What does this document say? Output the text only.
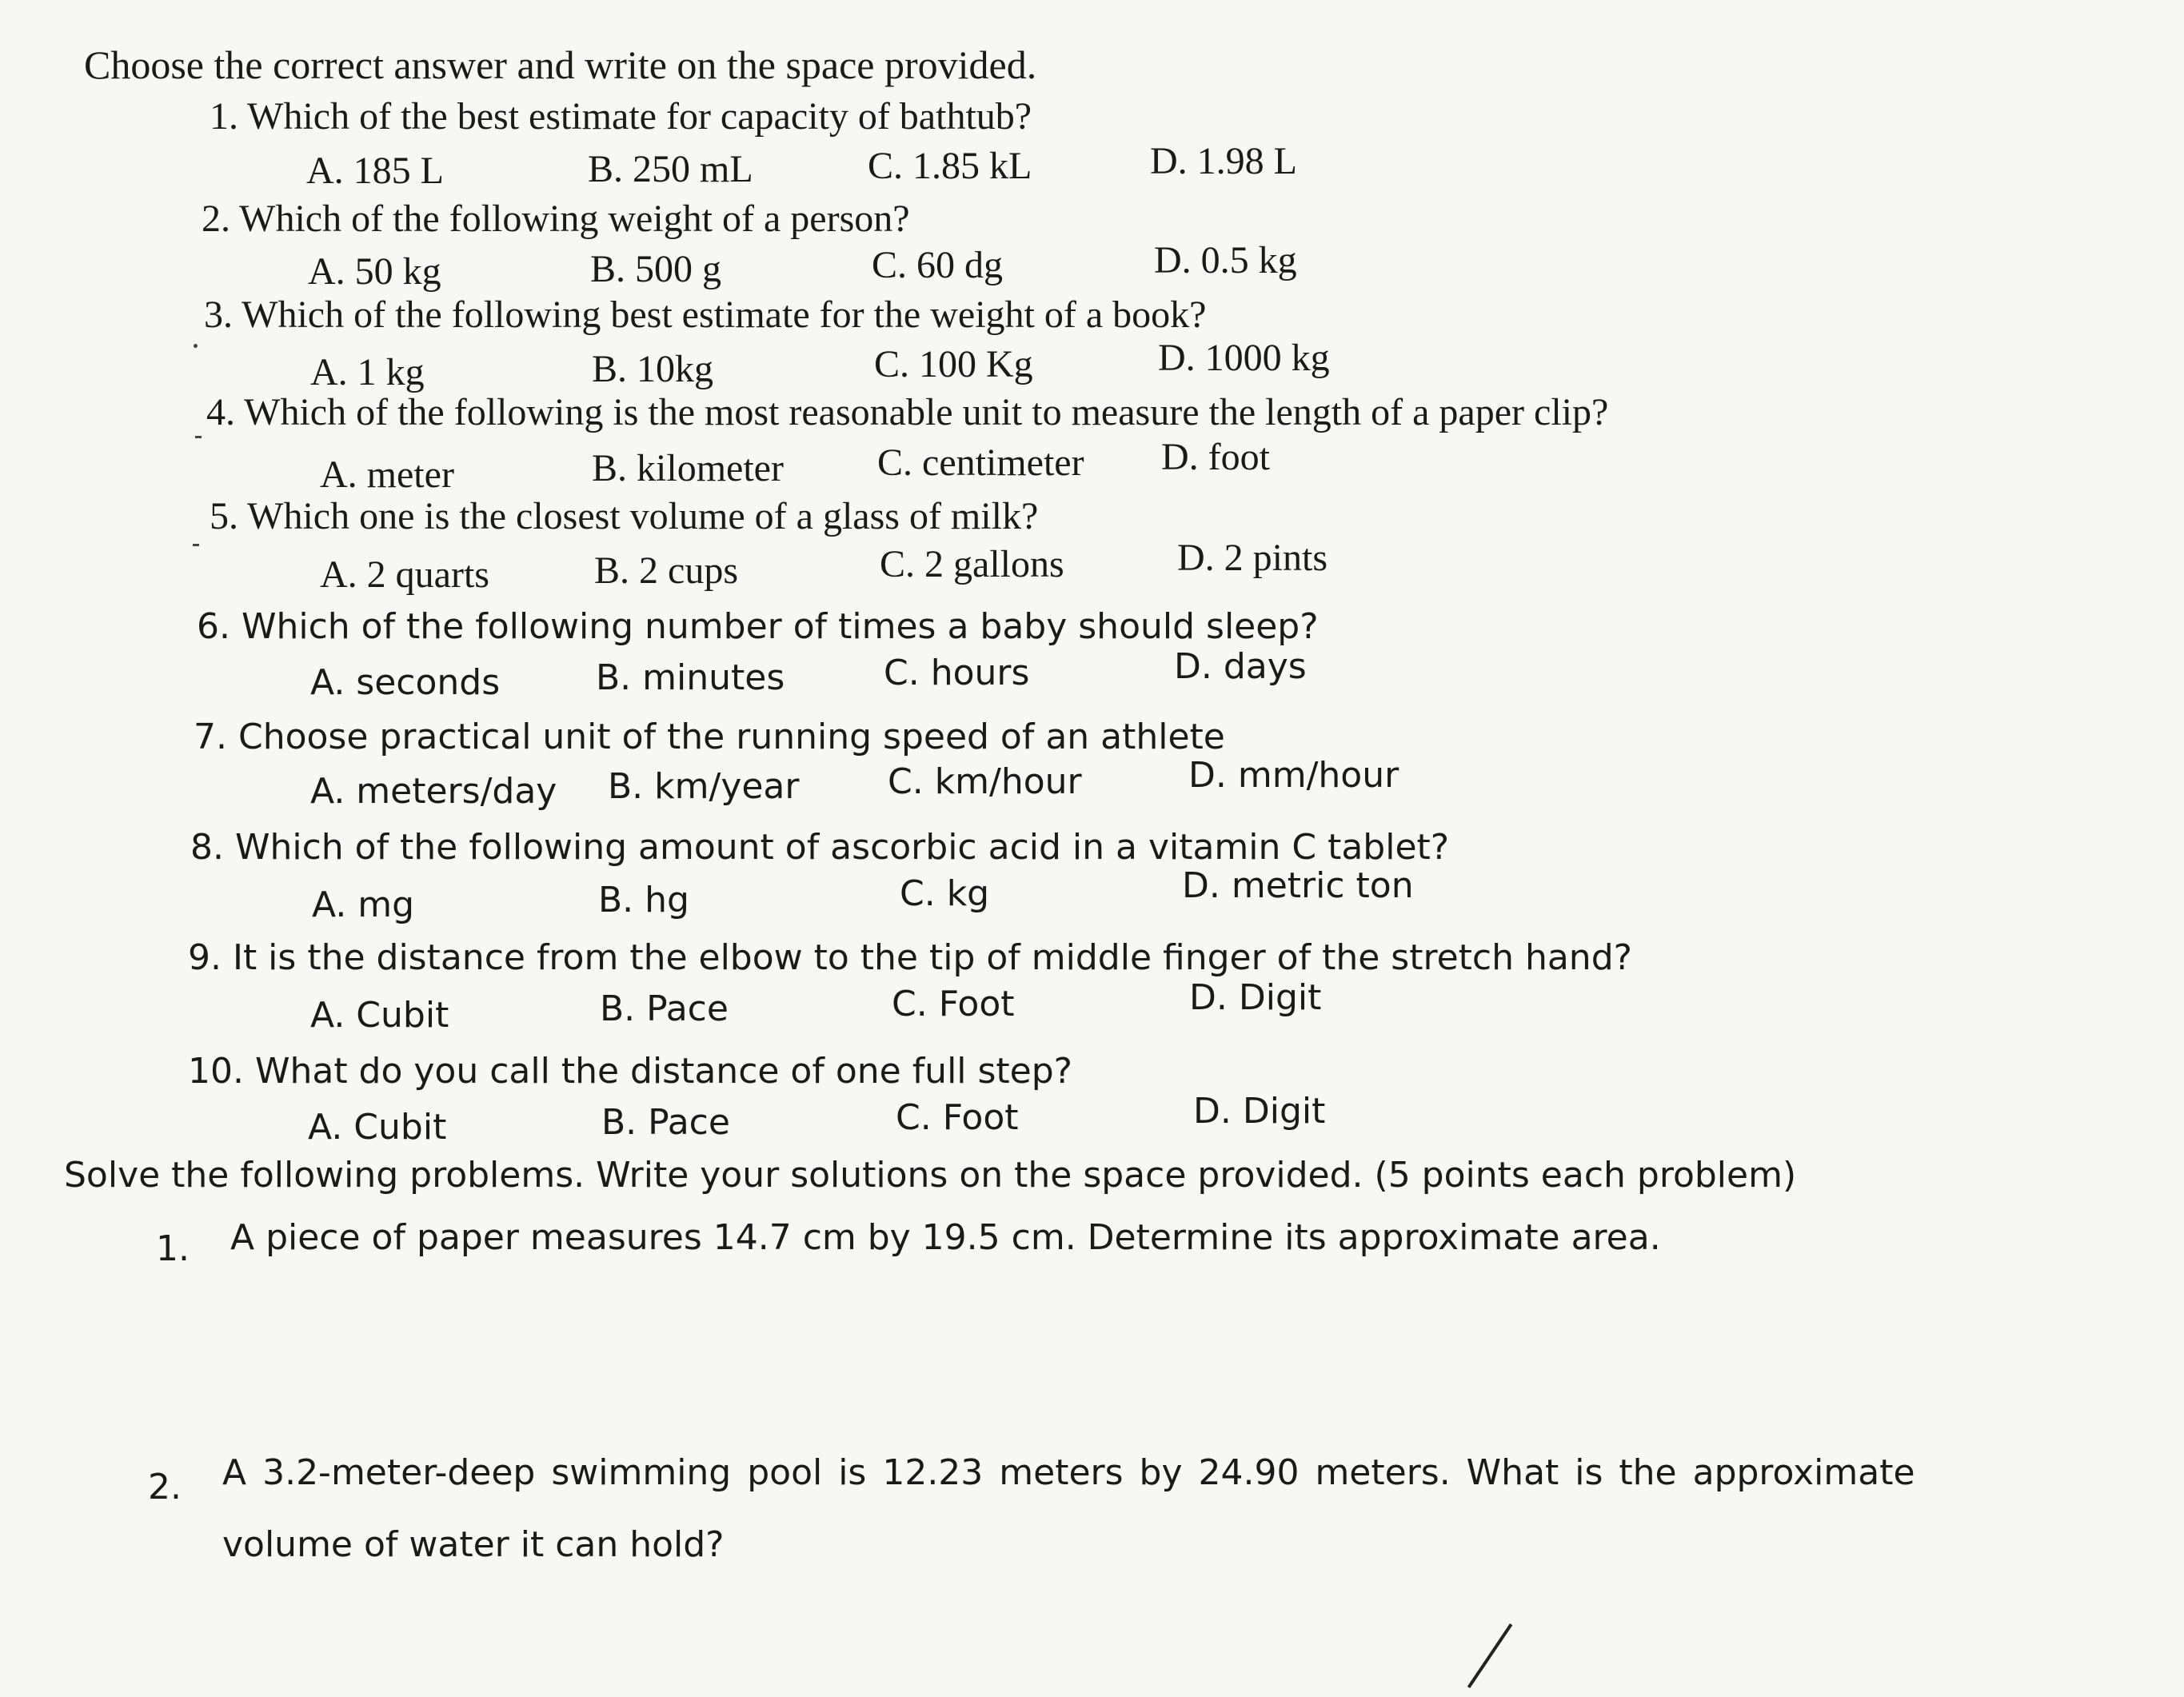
Choose the correct answer and write on the space provided.
1. Which of the best estimate for capacity of bathtub?
A. 185 L	B. 250 mL	C. 1.85 kL	D. 1.98 L
2. Which of the following weight of a person?
A. 50 kg	B. 500 g	C. 60 dg	D. 0.5 kg
3. Which of the following best estimate for the weight of a book?
A. 1 kg	B. 10kg	C. 100 Kg	D. 1000 kg
4. Which of the following is the most reasonable unit to measure the length of a paper clip?
A. meter	B. kilometer C. centimeter D. foot
5. Which one is the closest volume of a glass of milk?
A. 2 quarts	B. 2 cups	C. 2 gallons	D. 2 pints
6. Which of the following number of times a baby should sleep?
A. seconds	B. minutes	C. hours	D. days
7. Choose practical unit of the running speed of an athlete
A. meters/day B. km/year	C. km/hour	D. mm/hour
8. Which of the following amount of ascorbic acid in a vitamin C tablet?
A. mg	B. hg	C. kg	D. metric ton
9. It is the distance from the elbow to the tip of middle finger of the stretch hand?
A. Cubit	B. Pace	C. Foot	D. Digit
10. What do you call the distance of one full step?
A. Cubit	B. Pace	C. Foot	D. Digit
Solve the following problems. Write your solutions on the space provided. (5 points each problem)
1. A piece of paper measures 14.7 cm by 19.5 cm. Determine its approximate area.
2. A 3.2-meter-deep swimming pool is 12.23 meters by 24.90 meters. What is the approximate
volume of water it can hold?
